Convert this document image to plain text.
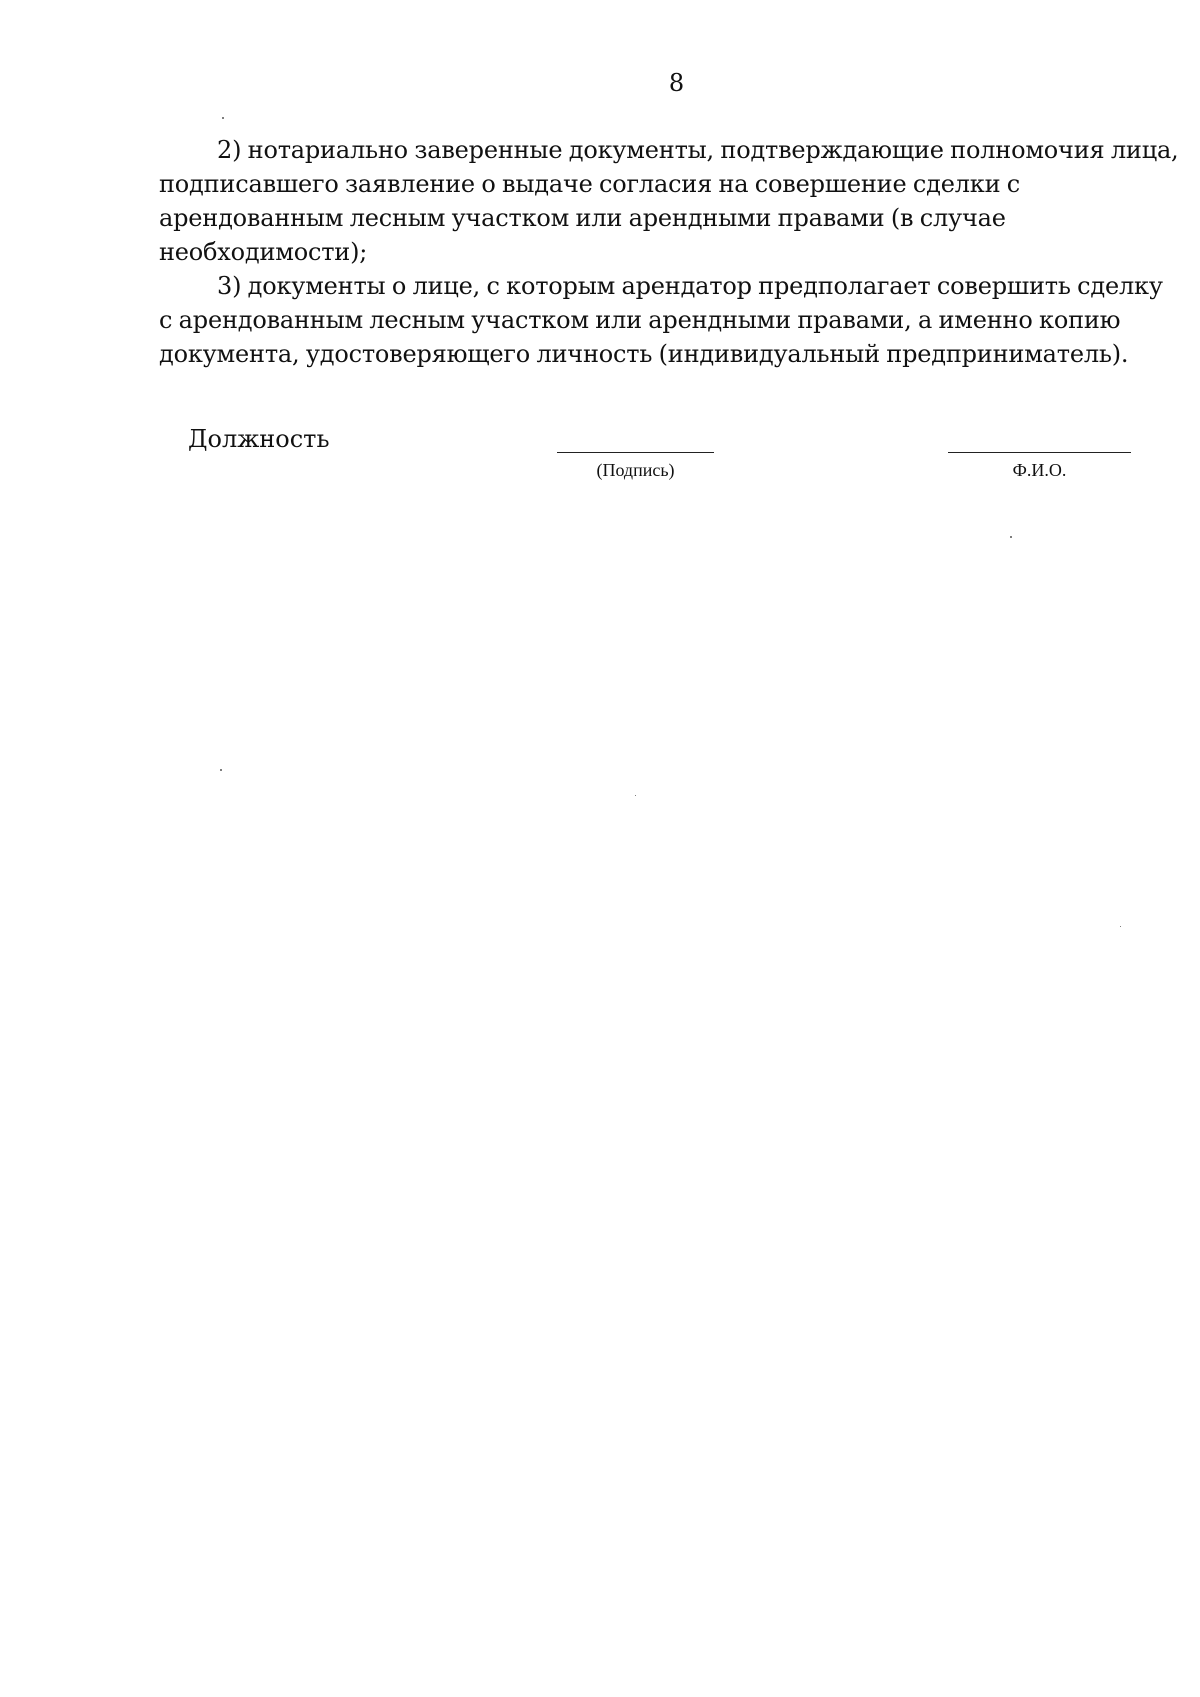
8

2) нотариально заверенные документы, подтверждающие полномочия лица,
подписавшего заявление о выдаче согласия на совершение сделки с
арендованным лесным участком или арендными правами (в случае
необходимости);

3) документы о лице, с которым арендатор предполагает совершить сделку
с арендованным лесным участком или арендными правами, а именно копию
документа, удостоверяющего личность (индивидуальный предприниматель).

Должность
(Подпись)	Ф.И.О.
